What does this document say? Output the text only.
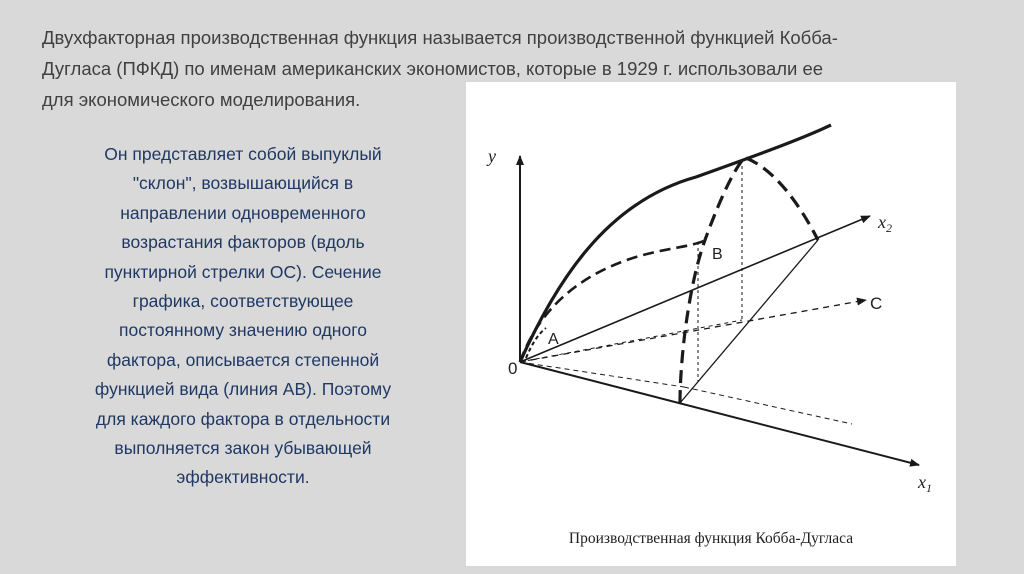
Двухфакторная производственная функция называется производственной функцией Кобба-
Дугласа (ПФКД) по именам американских экономистов, которые в 1929 г. использовали ее
для экономического моделирования.

Он представляет собой выпуклый
"склон", возвышающийся в
направлении одновременного
возрастания факторов (вдоль
пунктирной стрелки ОС). Сечение
графика, соответствующее
постоянному значению одного
фактора, описывается степенной
функцией вида (линия АВ). Поэтому
для каждого фактора в отдельности
выполняется закон убывающей
эффективности.

y
$x_2$
$x_1$
0
A
B
C
Производственная функция Кобба-Дугласа
